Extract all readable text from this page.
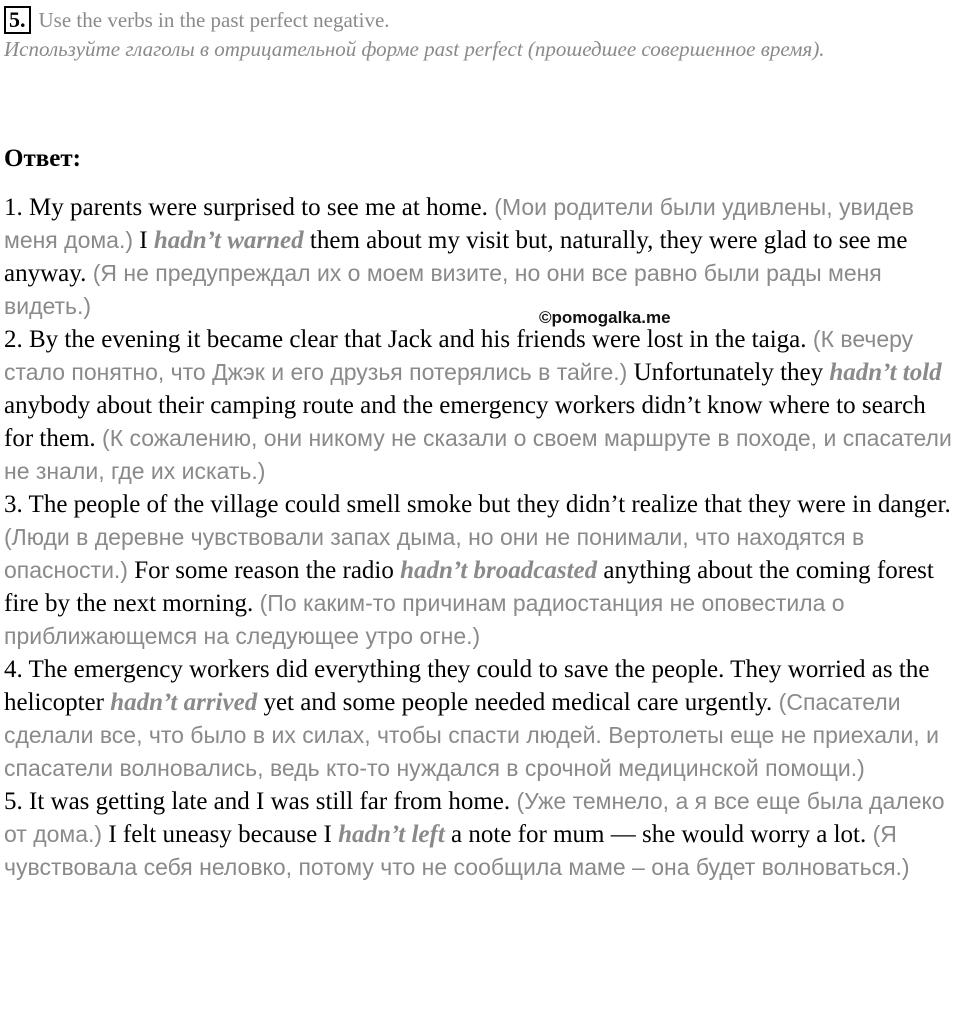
5. Use the verbs in the past perfect negative.
Используйте глаголы в отрицательной форме past perfect (прошедшее совершенное время).
Ответ:
1. My parents were surprised to see me at home. (Мои родители были удивлены, увидев меня дома.) I hadn’t warned them about my visit but, naturally, they were glad to see me anyway. (Я не предупреждал их о моем визите, но они все равно были рады меня видеть.)
2. By the evening it became clear that Jack and his friends were lost in the taiga. (К вечеру стало понятно, что Джэк и его друзья потерялись в тайге.) Unfortunately they hadn’t told anybody about their camping route and the emergency workers didn’t know where to search for them. (К сожалению, они никому не сказали о своем маршруте в походе, и спасатели не знали, где их искать.)
3. The people of the village could smell smoke but they didn’t realize that they were in danger. (Люди в деревне чувствовали запах дыма, но они не понимали, что находятся в опасности.) For some reason the radio hadn’t broadcasted anything about the coming forest fire by the next morning. (По каким-то причинам радиостанция не оповестила о приближающемся на следующее утро огне.)
4. The emergency workers did everything they could to save the people. They worried as the helicopter hadn’t arrived yet and some people needed medical care urgently. (Спасатели сделали все, что было в их силах, чтобы спасти людей. Вертолеты еще не приехали, и спасатели волновались, ведь кто-то нуждался в срочной медицинской помощи.)
5. It was getting late and I was still far from home. (Уже темнело, а я все еще была далеко от дома.) I felt uneasy because I hadn’t left a note for mum — she would worry a lot. (Я чувствовала себя неловко, потому что не сообщила маме – она будет волноваться.)
©pomogalka.me
